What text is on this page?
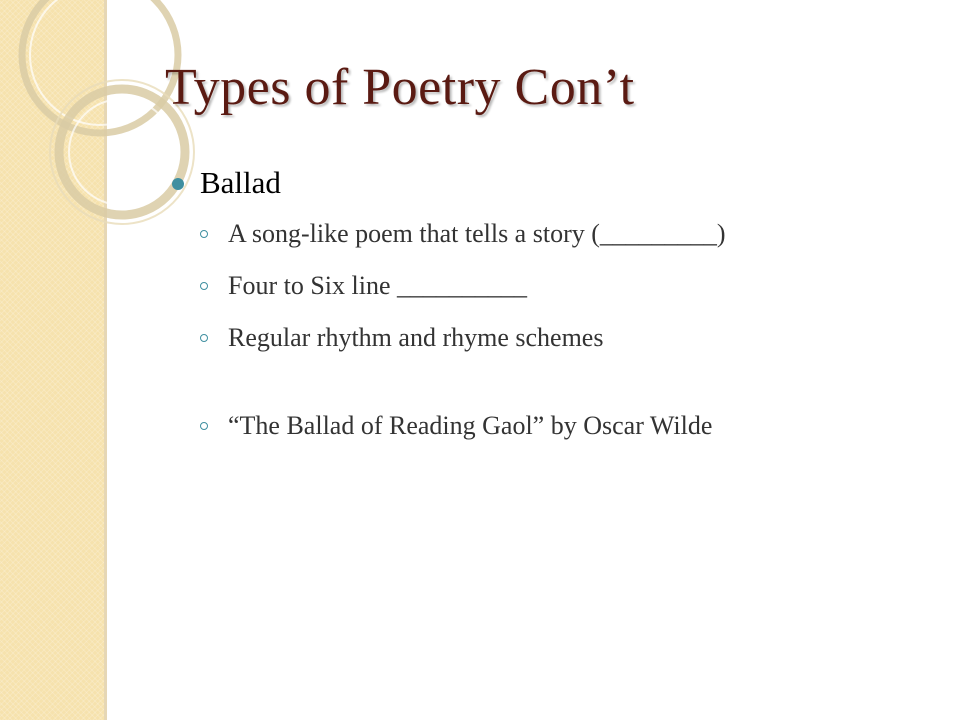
Types of Poetry Con’t
Ballad
A song-like poem that tells a story (_________)
Four to Six line __________
Regular rhythm and rhyme schemes
“The Ballad of Reading Gaol” by Oscar Wilde
